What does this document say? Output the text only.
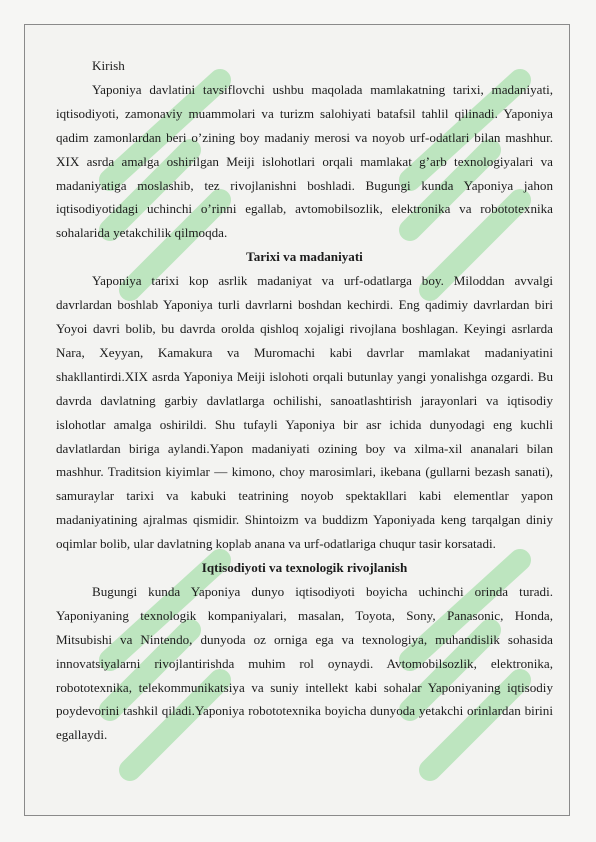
Kirish

Yaponiya davlatini tavsiflovchi ushbu maqolada mamlakatning tarixi, madaniyati, iqtisodiyoti, zamonaviy muammolari va turizm salohiyati batafsil tahlil qilinadi. Yaponiya qadim zamonlardan beri o’zining boy madaniy merosi va noyob urf-odatlari bilan mashhur. XIX asrda amalga oshirilgan Meiji islohotlari orqali mamlakat g’arb texnologiyalari va madaniyatiga moslashib, tez rivojlanishni boshladi. Bugungi kunda Yaponiya jahon iqtisodiyotidagi uchinchi o’rinni egallab, avtomobilsozlik, elektronika va robototexnika sohalarida yetakchilik qilmoqda.

Tarixi va madaniyati

Yaponiya tarixi kop asrlik madaniyat va urf-odatlarga boy. Miloddan avvalgi davrlardan boshlab Yaponiya turli davrlarni boshdan kechirdi. Eng qadimiy davrlardan biri Yoyoi davri bolib, bu davrda orolda qishloq xojaligi rivojlana boshlagan. Keyingi asrlarda Nara, Xeyyan, Kamakura va Muromachi kabi davrlar mamlakat madaniyatini shakllantirdi.XIX asrda Yaponiya Meiji islohoti orqali butunlay yangi yonalishga ozgardi. Bu davrda davlatning garbiy davlatlarga ochilishi, sanoatlashtirish jarayonlari va iqtisodiy islohotlar amalga oshirildi. Shu tufayli Yaponiya bir asr ichida dunyodagi eng kuchli davlatlardan biriga aylandi.Yapon madaniyati ozining boy va xilma-xil ananalari bilan mashhur. Traditsion kiyimlar — kimono, choy marosimlari, ikebana (gullarni bezash sanati), samuraylar tarixi va kabuki teatrining noyob spektakllari kabi elementlar yapon madaniyatining ajralmas qismidir. Shintoizm va buddizm Yaponiyada keng tarqalgan diniy oqimlar bolib, ular davlatning koplab anana va urf-odatlariga chuqur tasir korsatadi.

Iqtisodiyoti va texnologik rivojlanish

Bugungi kunda Yaponiya dunyo iqtisodiyoti boyicha uchinchi orinda turadi. Yaponiyaning texnologik kompaniyalari, masalan, Toyota, Sony, Panasonic, Honda, Mitsubishi va Nintendo, dunyoda oz orniga ega va texnologiya, muhandislik sohasida innovatsiyalarni rivojlantirishda muhim rol oynaydi. Avtomobilsozlik, elektronika, robototexnika, telekommunikatsiya va suniy intellekt kabi sohalar Yaponiyaning iqtisodiy poydevorini tashkil qiladi.Yaponiya robototexnika boyicha dunyoda yetakchi orinlardan birini egallaydi.
